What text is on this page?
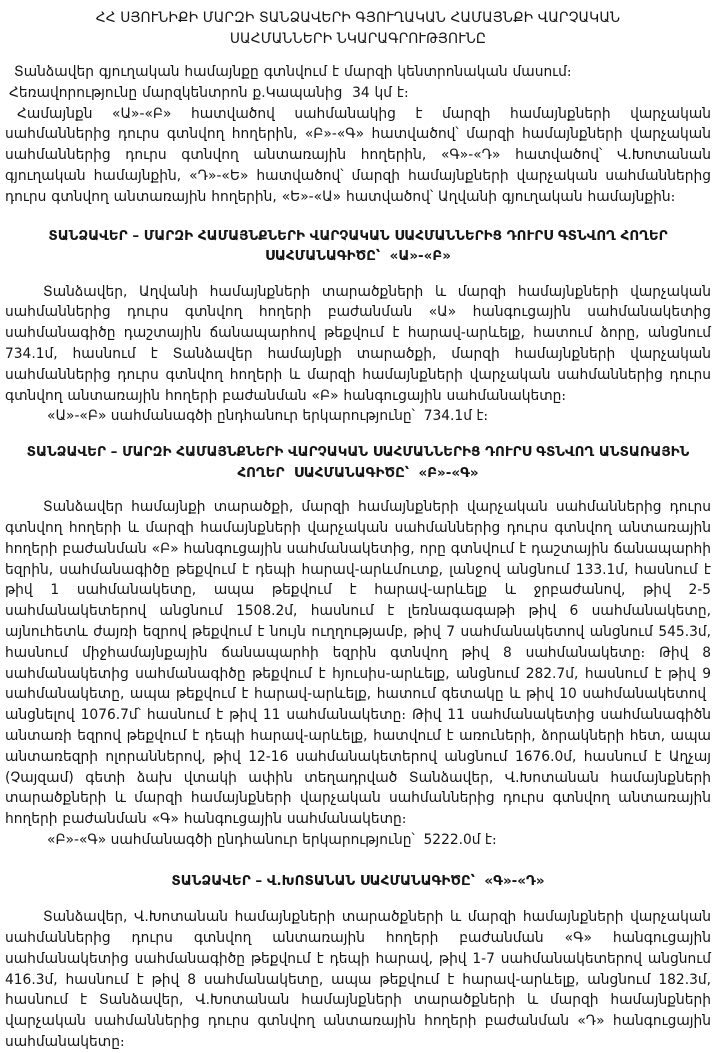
ՀՀ ՍՅՈՒՆԻՔԻ ՄԱՐԶԻ ՏԱՆՁԱՎԵՐԻ ԳՅՈՒՂԱԿԱՆ ՀԱՄԱՅՆՔԻ ՎԱՐՉԱԿԱՆ ՍԱՀՄԱՆՆԵՐԻ ՆԿԱՐԱԳՐՈՒԹՅՈՒՆԸ

Տանձավեր գյուղական համայնքը գտնվում է մարզի կենտրոնական մասում։

Հեռավորությունը մարզկենտրոն ք.Կապանից  34 կմ է։

Համայնքն «Ա»-«Բ» հատվածով սահմանակից է մարզի համայնքների վարչական սահմաններից դուրս գտնվող հողերին, «Բ»-«Գ» հատվածով՝ մարզի համայնքների վարչական սահմաններից դուրս գտնվող անտառային հողերին, «Գ»-«Դ» հատվածով՝ Վ.Խոտանան գյուղական համայնքին, «Դ»-«Ե» հատվածով՝ մարզի համայնքների վարչական սահմաններից դուրս գտնվող անտառային հողերին, «Ե»-«Ա» հատվածով՝ Աղվանի գյուղական համայնքին։

ՏԱՆՁԱՎԵՐ – ՄԱՐԶԻ ՀԱՄԱՅՆՔՆԵՐԻ ՎԱՐՉԱԿԱՆ ՍԱՀՄԱՆՆԵՐԻՑ ԴՈՒՐՍ ԳՏՆՎՈՂ ՀՈՂԵՐ ՍԱՀՄԱՆԱԳԻԾԸ՝  «Ա»-«Բ»

Տանձավեր, Աղվանի համայնքների տարածքների և մարզի համայնքների վարչական սահմաններից դուրս գտնվող հողերի բաժանման «Ա» հանգուցային սահմանակետից սահմանագիծը դաշտային ճանապարհով թեքվում է հարավ-արևելք, հատում ձորը, անցնում 734.1մ, հասնում է Տանձավեր համայնքի տարածքի, մարզի համայնքների վարչական սահմաններից դուրս գտնվող հողերի և մարզի համայնքների վարչական սահմաններից դուրս գտնվող անտառային հողերի բաժանման «Բ» հանգուցային սահմանակետը։

«Ա»-«Բ» սահմանագծի ընդհանուր երկարությունը՝  734.1մ է։

ՏԱՆՁԱՎԵՐ – ՄԱՐԶԻ ՀԱՄԱՅՆՔՆԵՐԻ ՎԱՐՉԱԿԱՆ ՍԱՀՄԱՆՆԵՐԻՑ ԴՈՒՐՍ ԳՏՆՎՈՂ ԱՆՏԱՌԱՅԻՆ ՀՈՂԵՐ  ՍԱՀՄԱՆԱԳԻԾԸ՝  «Բ»-«Գ»

Տանձավեր համայնքի տարածքի, մարզի համայնքների վարչական սահմաններից դուրս գտնվող հողերի և մարզի համայնքների վարչական սահմաններից դուրս գտնվող անտառային հողերի բաժանման «Բ» հանգուցային սահմանակետից, որը գտնվում է դաշտային ճանապարհի եզրին, սահմանագիծը թեքվում է դեպի հարավ-արևմուտք, լանջով անցնում 133.1մ, հասնում է թիվ 1 սահմանակետը, ապա թեքվում է հարավ-արևելք և ջրբաժանով, թիվ 2-5 սահմանակետերով անցնում 1508.2մ, հասնում է լեռնագագաթի թիվ 6 սահմանակետը, այնուհետև ժայռի եզրով թեքվում է նույն ուղղությամբ, թիվ 7 սահմանակետով անցնում 545.3մ, հասնում միջհամայնքային ճանապարհի եզրին գտնվող թիվ 8 սահմանակետը։ Թիվ 8 սահմանակետից սահմանագիծը թեքվում է հյուսիս-արևելք, անցնում 282.7մ, հասնում է թիվ 9 սահմանակետը, ապա թեքվում է հարավ-արևելք, հատում գետակը և թիվ 10 սահմանակետով  անցնելով 1076.7մ՝ հասնում է թիվ 11 սահմանակետը։ Թիվ 11 սահմանակետից սահմանագիծն անտառի եզրով թեքվում է դեպի հարավ-արևելք, հատվում է առուների, ձորակների հետ, ապա անտառեզրի ոլորաններով, թիվ 12-16 սահմանակետերով անցնում 1676.0մ, հասնում է Աղչայ (Չայզամ) գետի ձախ վտակի ափին տեղադրված Տանձավեր, Վ.Խոտանան համայնքների տարածքների և մարզի համայնքների վարչական սահմաններից դուրս գտնվող անտառային հողերի բաժանման «Գ» հանգուցային սահմանակետը։

«Բ»-«Գ» սահմանագծի ընդհանուր երկարությունը՝  5222.0մ է։

ՏԱՆՁԱՎԵՐ – Վ.ԽՈՏԱՆԱՆ ՍԱՀՄԱՆԱԳԻԾԸ՝  «Գ»-«Դ»

Տանձավեր, Վ.Խոտանան համայնքների տարածքների և մարզի համայնքների վարչական սահմաններից դուրս գտնվող անտառային հողերի բաժանման «Գ» հանգուցային սահմանակետից սահմանագիծը թեքվում է դեպի հարավ, թիվ 1-7 սահմանակետերով անցնում 416.3մ, հասնում է թիվ 8 սահմանակետը, ապա թեքվում է հարավ-արևելք, անցնում 182.3մ, հասնում է Տանձավեր, Վ.Խոտանան համայնքների տարածքների և մարզի համայնքների վարչական սահմաններից դուրս գտնվող անտառային հողերի բաժանման «Դ» հանգուցային սահմանակետը։
